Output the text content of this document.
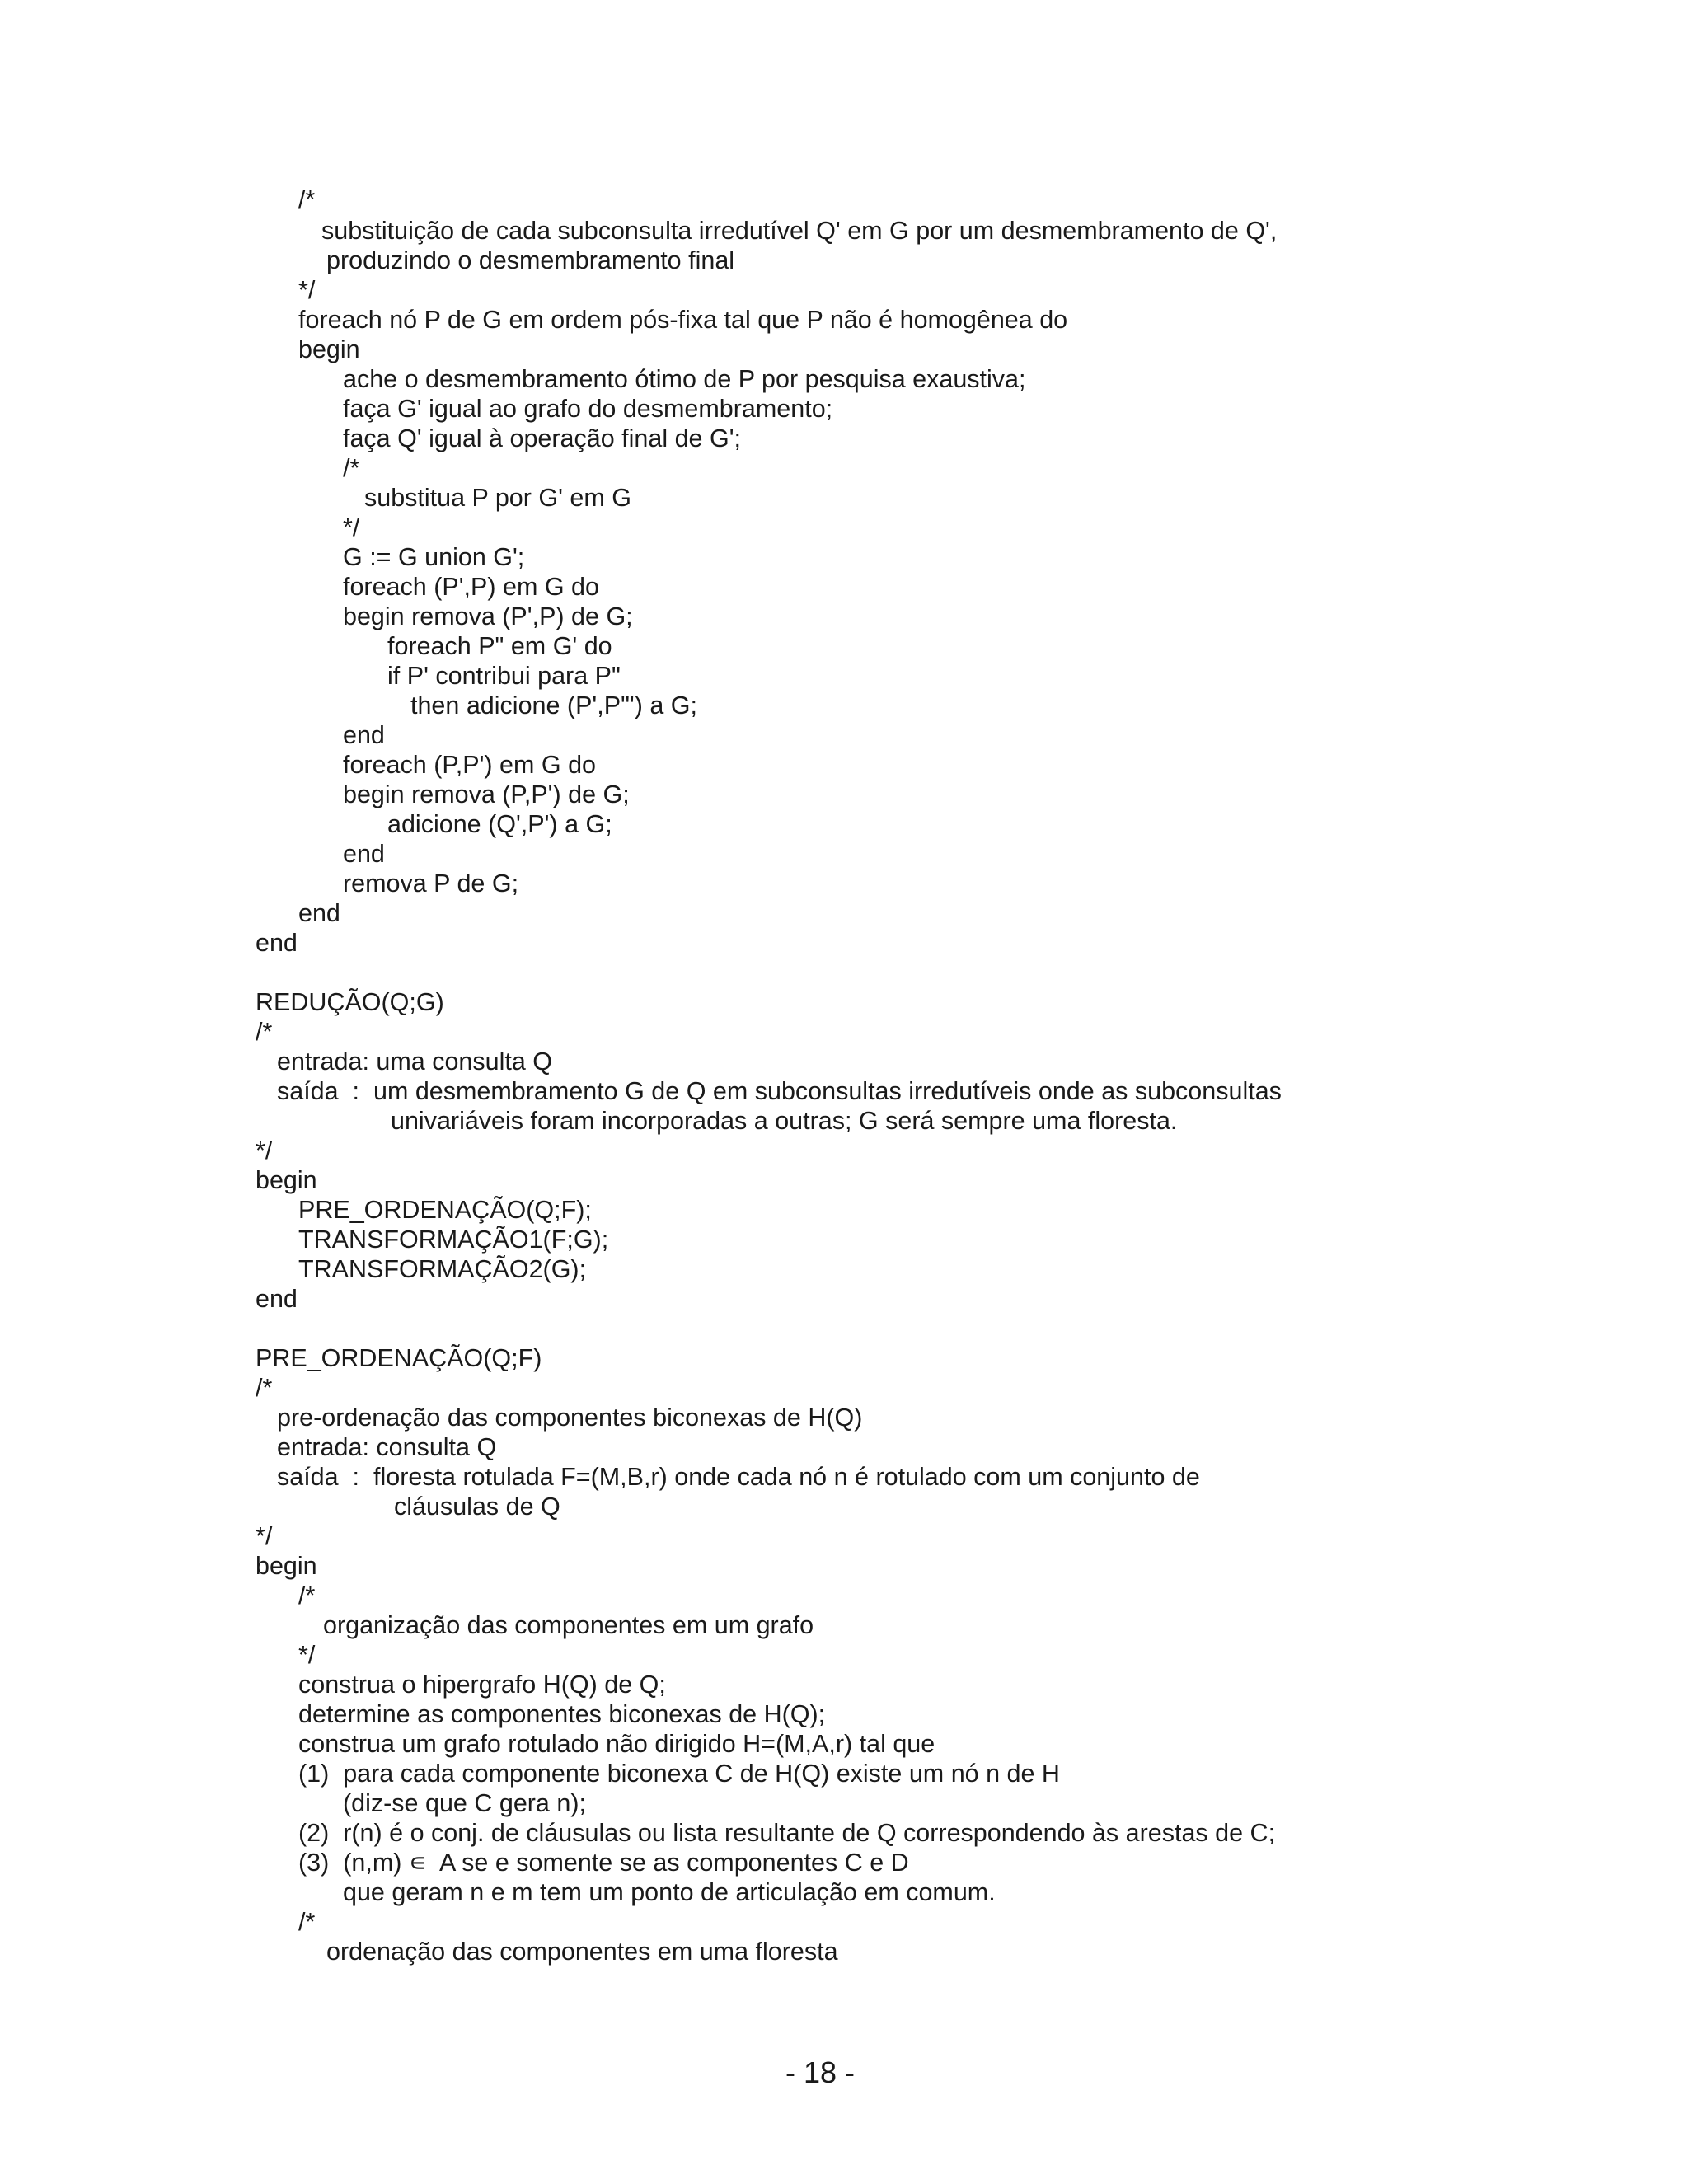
/*
substituição de cada subconsulta irredutível Q' em G por um desmembramento de Q',
produzindo o desmembramento final
*/
foreach nó P de G em ordem pós-fixa tal que P não é homogênea do
begin
ache o desmembramento ótimo de P por pesquisa exaustiva;
faça G' igual ao grafo do desmembramento;
faça Q' igual à operação final de G';
/*
substitua P por G' em G
*/
G := G union G';
foreach (P',P) em G do
begin remova (P',P) de G;
foreach P" em G' do
if P' contribui para P"
then adicione (P',P"') a G;
end
foreach (P,P') em G do
begin remova (P,P') de G;
adicione (Q',P') a G;
end
remova P de G;
end
end
REDUÇÃO(Q;G)
/*
entrada: uma consulta Q
saída  :  um desmembramento G de Q em subconsultas irredutíveis onde as subconsultas
univariáveis foram incorporadas a outras; G será sempre uma floresta.
*/
begin
PRE_ORDENAÇÃO(Q;F);
TRANSFORMAÇÃO1(F;G);
TRANSFORMAÇÃO2(G);
end
PRE_ORDENAÇÃO(Q;F)
/*
pre-ordenação das componentes biconexas de H(Q)
entrada: consulta Q
saída  :  floresta rotulada F=(M,B,r) onde cada nó n é rotulado com um conjunto de
cláusulas de Q
*/
begin
/*
organização das componentes em um grafo
*/
construa o hipergrafo H(Q) de Q;
determine as componentes biconexas de H(Q);
construa um grafo rotulado não dirigido H=(M,A,r) tal que
(1)  para cada componente biconexa C de H(Q) existe um nó n de H
(diz-se que C gera n);
(2)  r(n) é o conj. de cláusulas ou lista resultante de Q correspondendo às arestas de C;
(3)  (n,m) ∊  A se e somente se as componentes C e D
que geram n e m tem um ponto de articulação em comum.
/*
ordenação das componentes em uma floresta
- 18 -
